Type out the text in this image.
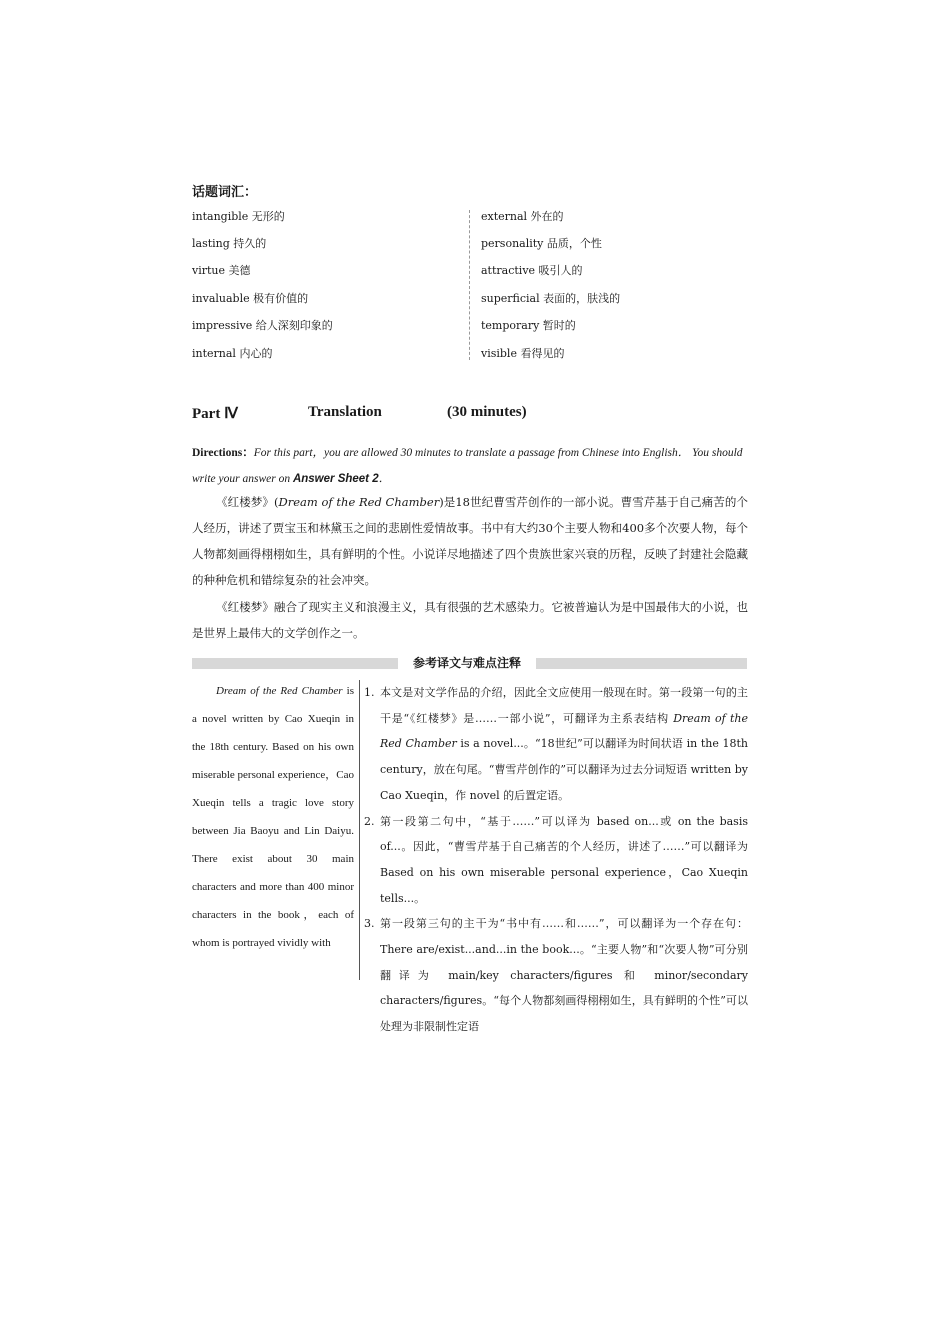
话题词汇：
intangible 无形的
lasting 持久的
virtue 美德
invaluable 极有价值的
impressive 给人深刻印象的
internal 内心的
external 外在的
personality 品质，个性
attractive 吸引人的
superficial 表面的，肤浅的
temporary 暂时的
visible 看得见的
Part Ⅳ	Translation	(30 minutes)
Directions：For this part，you are allowed 30 minutes to translate a passage from Chinese into English． You should write your answer on Answer Sheet 2．
《红楼梦》(Dream of the Red Chamber)是18世纪曹雪芹创作的一部小说。曹雪芹基于自己痛苦的个人经历，讲述了贾宝玉和林黛玉之间的悲剧性爱情故事。书中有大约30个主要人物和400多个次要人物，每个人物都刻画得栩栩如生，具有鲜明的个性。小说详尽地描述了四个贵族世家兴衰的历程，反映了封建社会隐藏的种种危机和错综复杂的社会冲突。
《红楼梦》融合了现实主义和浪漫主义，具有很强的艺术感染力。它被普遍认为是中国最伟大的小说，也是世界上最伟大的文学创作之一。
参考译文与难点注释
Dream of the Red Chamber is a novel written by Cao Xueqin in the 18th century. Based on his own miserable personal experience，Cao Xueqin tells a tragic love story between Jia Baoyu and Lin Daiyu. There exist about 30 main characters and more than 400 minor characters in the book，each of whom is portrayed vividly with
1. 本文是对文学作品的介绍，因此全文应使用一般现在时。第一段第一句的主干是“《红楼梦》是……一部小说”，可翻译为主系表结构 Dream of the Red Chamber is a novel...。“18世纪”可以翻译为时间状语 in the 18th century，放在句尾。“曹雪芹创作的”可以翻译为过去分词短语 written by Cao Xueqin，作 novel 的后置定语。
2. 第一段第二句中，“基于……”可以译为 based on...或 on the basis of...。因此，“曹雪芹基于自己痛苦的个人经历，讲述了……”可以翻译为 Based on his own miserable personal experience，Cao Xueqin tells...。
3. 第一段第三句的主干为“书中有……和……”，可以翻译为一个存在句：There are/exist...and...in the book...。“主要人物”和“次要人物”可分别翻译为 main/key characters/figures 和 minor/secondary characters/figures。“每个人物都刻画得栩栩如生，具有鲜明的个性”可以处理为非限制性定语
